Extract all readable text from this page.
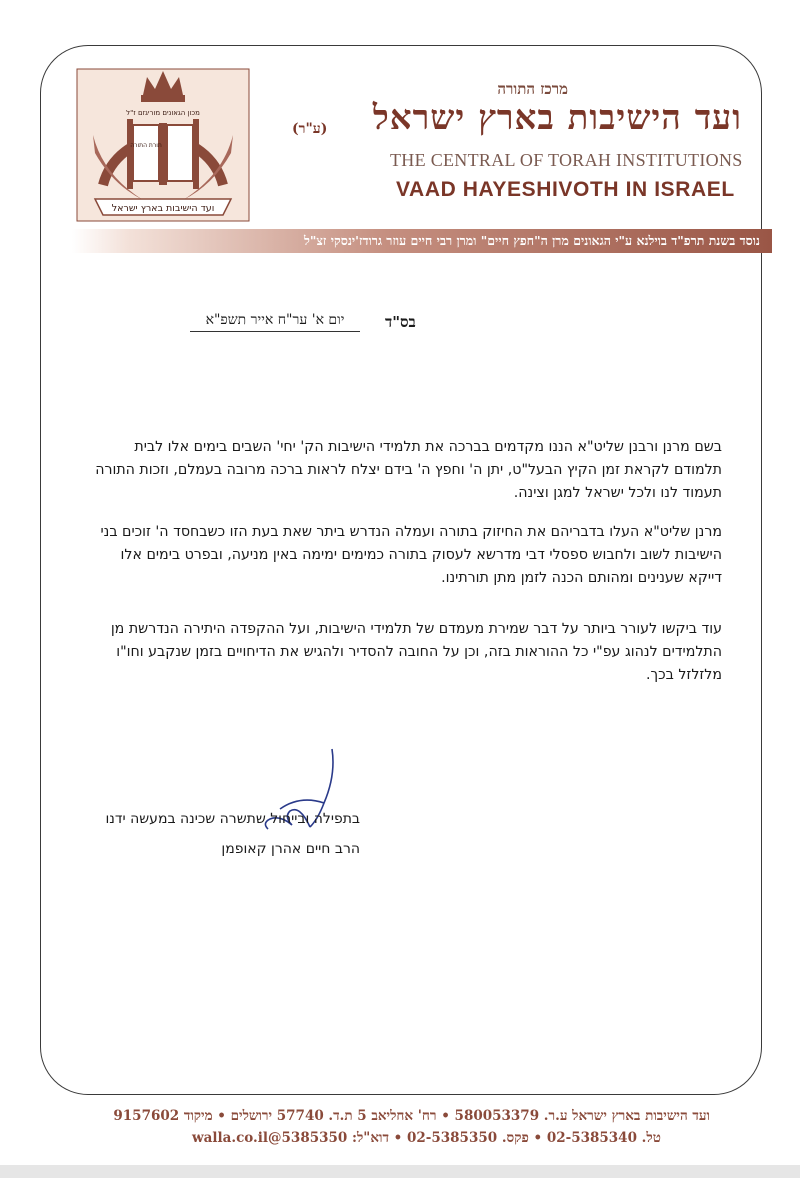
ועד הישיבות בארץ ישראל
תורת התורה
מכון הגאונים מוריגזם ז"ל
מרכז התורה
ועד הישיבות בארץ ישראל
(ע"ר)
THE CENTRAL OF TORAH INSTITUTIONS
VAAD HAYESHIVOTH IN ISRAEL
נוסד בשנת תרפ"ד בוילנא ע"י הגאונים מרן ה"חפץ חיים" ומרן רבי חיים עוזר גרודז'ינסקי זצ"ל
בס"ד
יום א' ער"ח אייר תשפ"א
בשם מרנן ורבנן שליט"א הננו מקדמים בברכה את תלמידי הישיבות הק' יחי' השבים בימים אלו לבית תלמודם לקראת זמן הקיץ הבעל"ט, יתן ה' וחפץ ה' בידם יצלח לראות ברכה מרובה בעמלם, וזכות התורה תעמוד לנו ולכל ישראל למגן וצינה.
מרנן שליט"א העלו בדבריהם את החיזוק בתורה ועמלה הנדרש ביתר שאת בעת הזו כשבחסד ה' זוכים בני הישיבות לשוב ולחבוש ספסלי דבי מדרשא לעסוק בתורה כמימים ימימה באין מניעה, ובפרט בימים אלו דייקא שענינים ומהותם הכנה לזמן מתן תורתינו.
עוד ביקשו לעורר ביותר על דבר שמירת מעמדם של תלמידי הישיבות, ועל ההקפדה היתירה הנדרשת מן התלמידים לנהוג עפ"י כל ההוראות בזה, וכן על החובה להסדיר ולהגיש את הדיחויים בזמן שנקבע וחו"ו מלזלזל בכך.
בתפילה ובייחול שתשרה שכינה במעשה ידנו
הרב חיים אהרן קאופמן
ועד הישיבות בארץ ישראל ע.ר. 580053379 • רח' אחליאב 5 ת.ד. 57740 ירושלים • מיקוד 9157602
טל. 02-5385340 • פקס. 02-5385350 • דוא"ל: 5385350@walla.co.il
